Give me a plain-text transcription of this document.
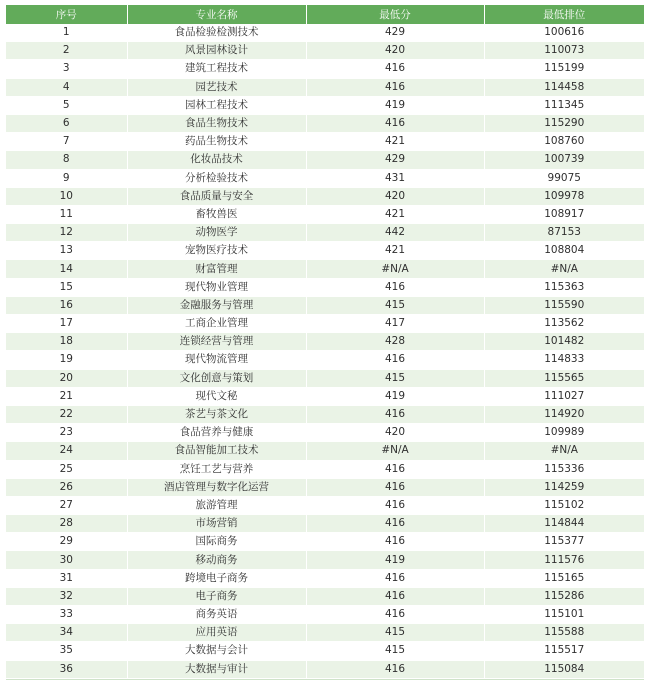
序号	专业名称	最低分	最低排位
1	食品检验检测技术	429	100616
2	风景园林设计	420	110073
3	建筑工程技术	416	115199
4	园艺技术	416	114458
5	园林工程技术	419	111345
6	食品生物技术	416	115290
7	药品生物技术	421	108760
8	化妆品技术	429	100739
9	分析检验技术	431	99075
10	食品质量与安全	420	109978
11	畜牧兽医	421	108917
12	动物医学	442	87153
13	宠物医疗技术	421	108804
14	财富管理	#N/A	#N/A
15	现代物业管理	416	115363
16	金融服务与管理	415	115590
17	工商企业管理	417	113562
18	连锁经营与管理	428	101482
19	现代物流管理	416	114833
20	文化创意与策划	415	115565
21	现代文秘	419	111027
22	茶艺与茶文化	416	114920
23	食品营养与健康	420	109989
24	食品智能加工技术	#N/A	#N/A
25	烹饪工艺与营养	416	115336
26	酒店管理与数字化运营	416	114259
27	旅游管理	416	115102
28	市场营销	416	114844
29	国际商务	416	115377
30	移动商务	419	111576
31	跨境电子商务	416	115165
32	电子商务	416	115286
33	商务英语	416	115101
34	应用英语	415	115588
35	大数据与会计	415	115517
36	大数据与审计	416	115084
